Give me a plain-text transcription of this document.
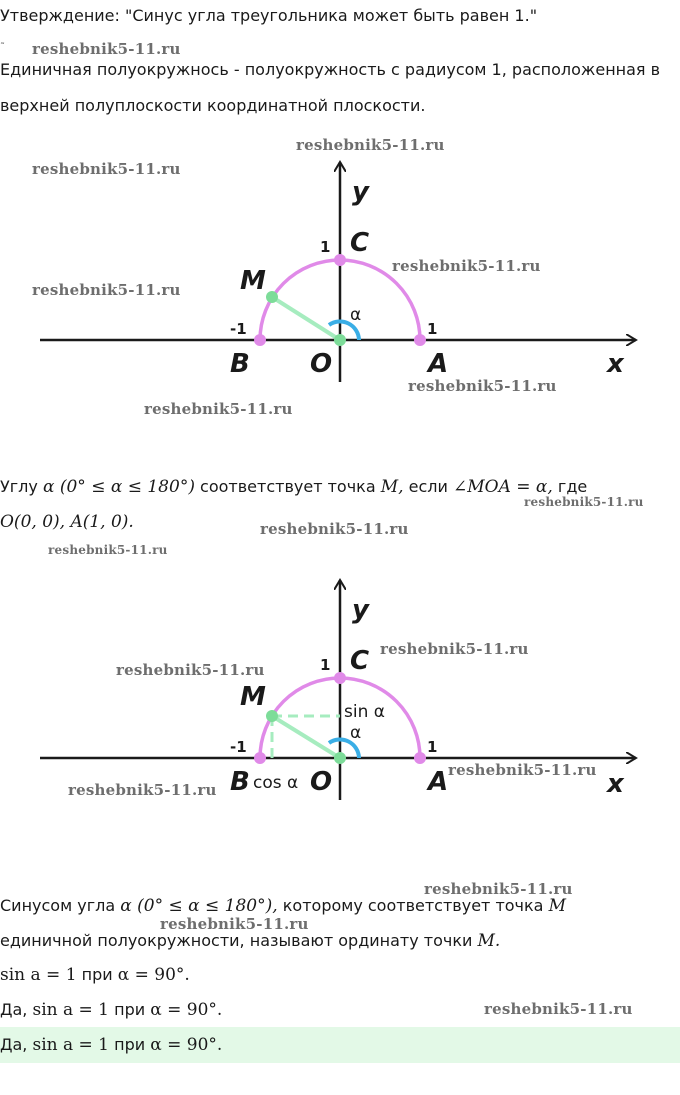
Утверждение: "Синус угла треугольника может быть равен 1."
˜
Единичная полуокружнось - полуокружность с радиусом 1, расположенная в
верхней полуплоскости координатной плоскости.
y
x
C
M
B O	A
1
-1	1
α
Углу α (0° ≤ α ≤ 180°) соответствует точка M, если ∠MOA = α, где
O(0, 0), A(1, 0).
y
x
C
M
B O	A
1
-1	1
α
sin α
cos α
Синусом угла α (0° ≤ α ≤ 180°), которому соответствует точка M
единичной полуокружности, называют ординату точки M.
sin a = 1 при α = 90°.
Да, sin a = 1 при α = 90°.
Да, sin a = 1 при α = 90°.
reshebnik5-11.ru
reshebnik5-11.ru
reshebnik5-11.ru
reshebnik5-11.ru
reshebnik5-11.ru
reshebnik5-11.ru
reshebnik5-11.ru
reshebnik5-11.ru
reshebnik5-11.ru
reshebnik5-11.ru
reshebnik5-11.ru
reshebnik5-11.ru
reshebnik5-11.ru
reshebnik5-11.ru
reshebnik5-11.ru
reshebnik5-11.ru
reshebnik5-11.ru
